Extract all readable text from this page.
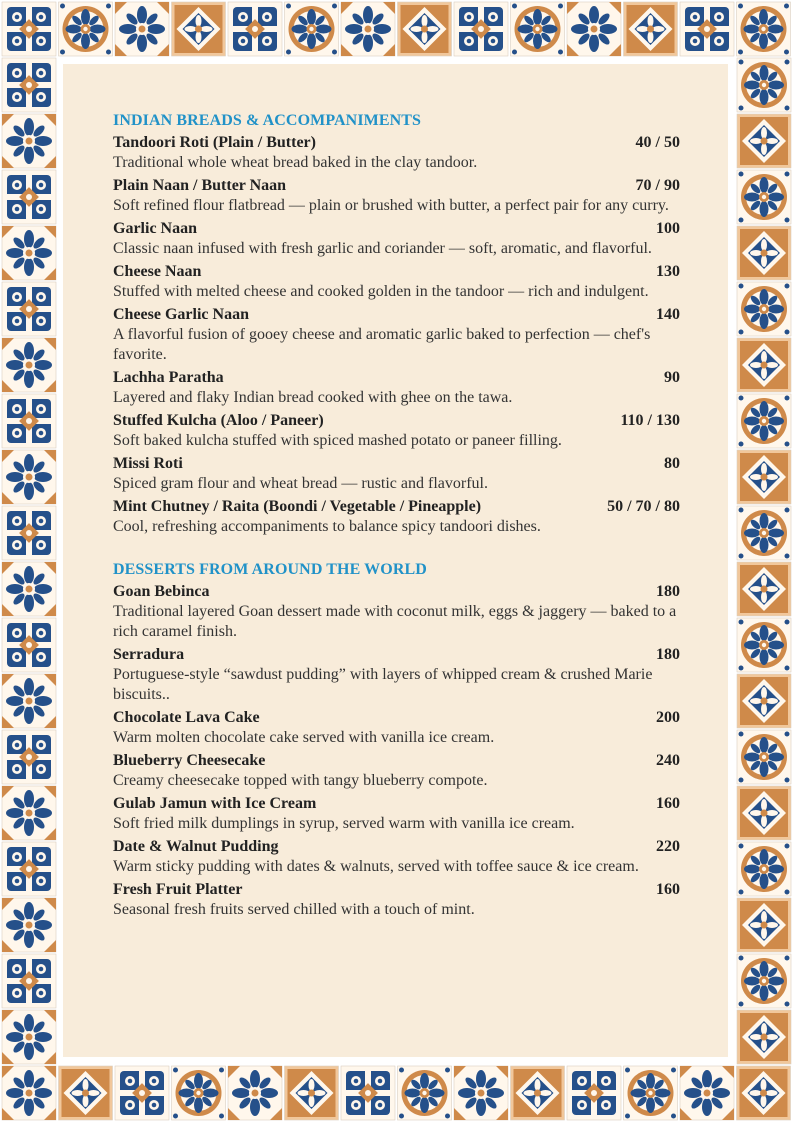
INDIAN BREADS & ACCOMPANIMENTS
Tandoori Roti (Plain / Butter)	40 / 50
Traditional whole wheat bread baked in the clay tandoor.
Plain Naan / Butter Naan	70 / 90
Soft refined flour flatbread — plain or brushed with butter, a perfect pair for any curry.
Garlic Naan	100
Classic naan infused with fresh garlic and coriander — soft, aromatic, and flavorful.
Cheese Naan	130
Stuffed with melted cheese and cooked golden in the tandoor — rich and indulgent.
Cheese Garlic Naan	140
A flavorful fusion of gooey cheese and aromatic garlic baked to perfection — chef's favorite.
Lachha Paratha	90
Layered and flaky Indian bread cooked with ghee on the tawa.
Stuffed Kulcha (Aloo / Paneer)	110 / 130
Soft baked kulcha stuffed with spiced mashed potato or paneer filling.
Missi Roti	80
Spiced gram flour and wheat bread — rustic and flavorful.
Mint Chutney / Raita (Boondi / Vegetable / Pineapple)	50 / 70 / 80
Cool, refreshing accompaniments to balance spicy tandoori dishes.
DESSERTS FROM AROUND THE WORLD
Goan Bebinca	180
Traditional layered Goan dessert made with coconut milk, eggs & jaggery — baked to a rich caramel finish.
Serradura	180
Portuguese-style “sawdust pudding” with layers of whipped cream & crushed Marie biscuits..
Chocolate Lava Cake	200
Warm molten chocolate cake served with vanilla ice cream.
Blueberry Cheesecake	240
Creamy cheesecake topped with tangy blueberry compote.
Gulab Jamun with Ice Cream	160
Soft fried milk dumplings in syrup, served warm with vanilla ice cream.
Date & Walnut Pudding	220
Warm sticky pudding with dates & walnuts, served with toffee sauce & ice cream.
Fresh Fruit Platter	160
Seasonal fresh fruits served chilled with a touch of mint.
